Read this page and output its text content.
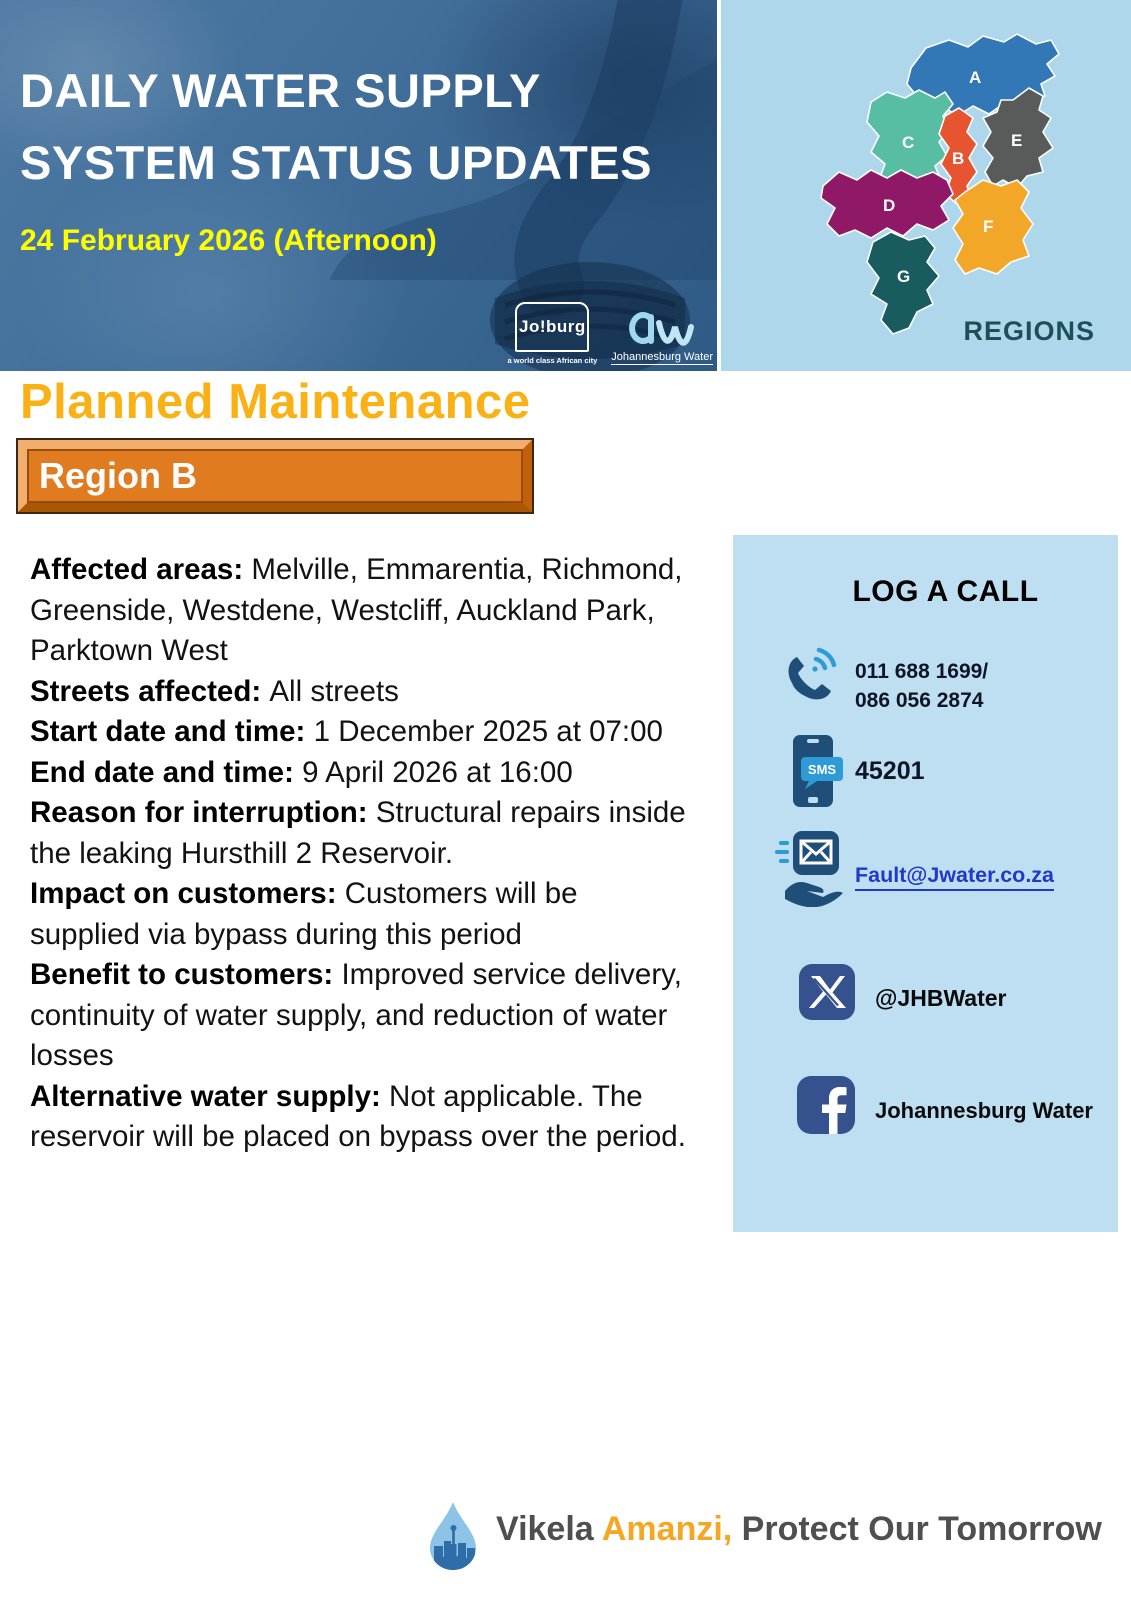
DAILY WATER SUPPLY
SYSTEM STATUS UPDATES
24 February 2026 (Afternoon)
Jo!burg
a world class African city Johannesburg Water
A
B
C
D
E
F
G
REGIONS
Planned Maintenance
Region B

Affected areas: Melville, Emmarentia, Richmond, Greenside, Westdene, Westcliff, Auckland Park, Parktown West

Streets affected: All streets

Start date and time: 1 December 2025 at 07:00

End date and time: 9 April 2026 at 16:00

Reason for interruption: Structural repairs inside the leaking Hursthill 2 Reservoir.

Impact on customers: Customers will be supplied via bypass during this period

Benefit to customers: Improved service delivery, continuity of water supply, and reduction of water losses

Alternative water supply: Not applicable. The reservoir will be placed on bypass over the period.

LOG A CALL
011 688 1699/
086 056 2874
SMS 45201
Fault@Jwater.co.za
@JHBWater
Johannesburg Water
Vikela Amanzi, Protect Our Tomorrow
